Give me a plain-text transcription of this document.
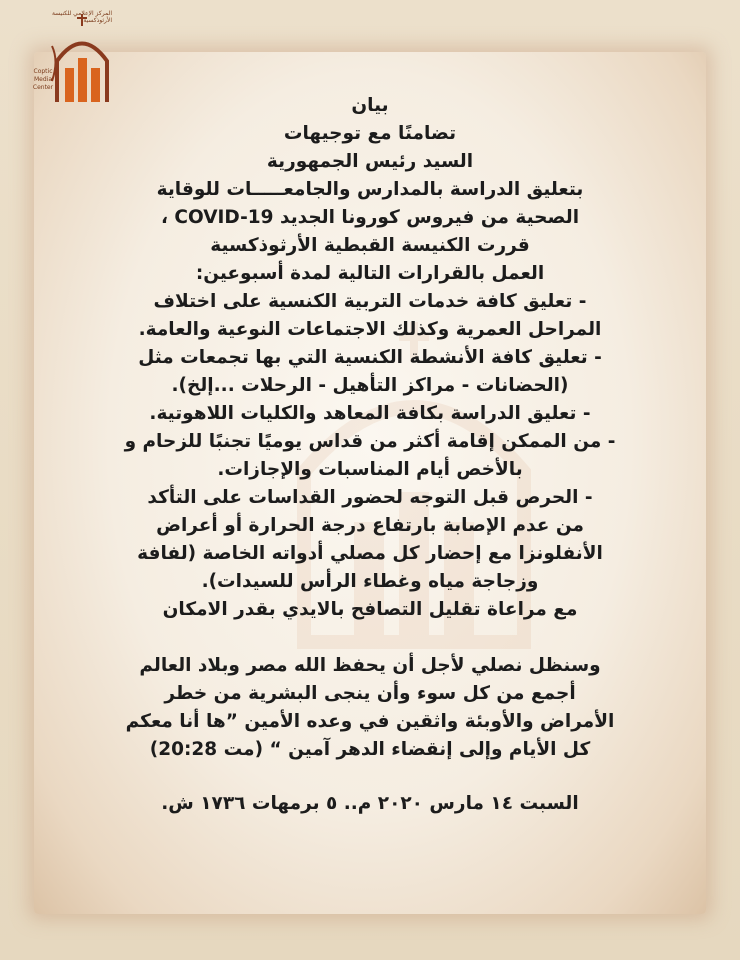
المركز الإعلامي للكنيسة الأرثوذكسية
Coptic
Media
Center
بيان
تضامنًا مع توجيهات
السيد رئيس الجمهورية
بتعليق الدراسة بالمدارس والجامعـــــات للوقاية
الصحية من فيروس كورونا الجديد COVID-19 ،
قررت الكنيسة القبطية الأرثوذكسية
العمل بالقرارات التالية لمدة أسبوعين:
- تعليق كافة خدمات التربية الكنسية على اختلاف
المراحل العمرية وكذلك الاجتماعات النوعية والعامة.
- تعليق كافة الأنشطة الكنسية التي بها تجمعات مثل
(الحضانات - مراكز التأهيل - الرحلات ...إلخ).
- تعليق الدراسة بكافة المعاهد والكليات اللاهوتية.
- من الممكن إقامة أكثر من قداس يوميًا تجنبًا للزحام و
بالأخص أيام المناسبات والإجازات.
- الحرص قبل التوجه لحضور القداسات على التأكد
من عدم الإصابة بارتفاع درجة الحرارة أو أعراض
الأنفلونزا مع إحضار كل مصلي أدواته الخاصة (لفافة
وزجاجة مياه وغطاء الرأس للسيدات).
مع مراعاة تقليل التصافح بالايدي بقدر الامكان
وسنظل نصلي لأجل أن يحفظ الله مصر وبلاد العالم
أجمع من كل سوء وأن ينجى البشرية من خطر
الأمراض والأوبئة واثقين في وعده الأمين ”ها أنا معكم
كل الأيام وإلى إنقضاء الدهر آمين “ (مت 20:28)
السبت ١٤ مارس ٢٠٢٠ م.. ٥ برمهات ١٧٣٦ ش.
